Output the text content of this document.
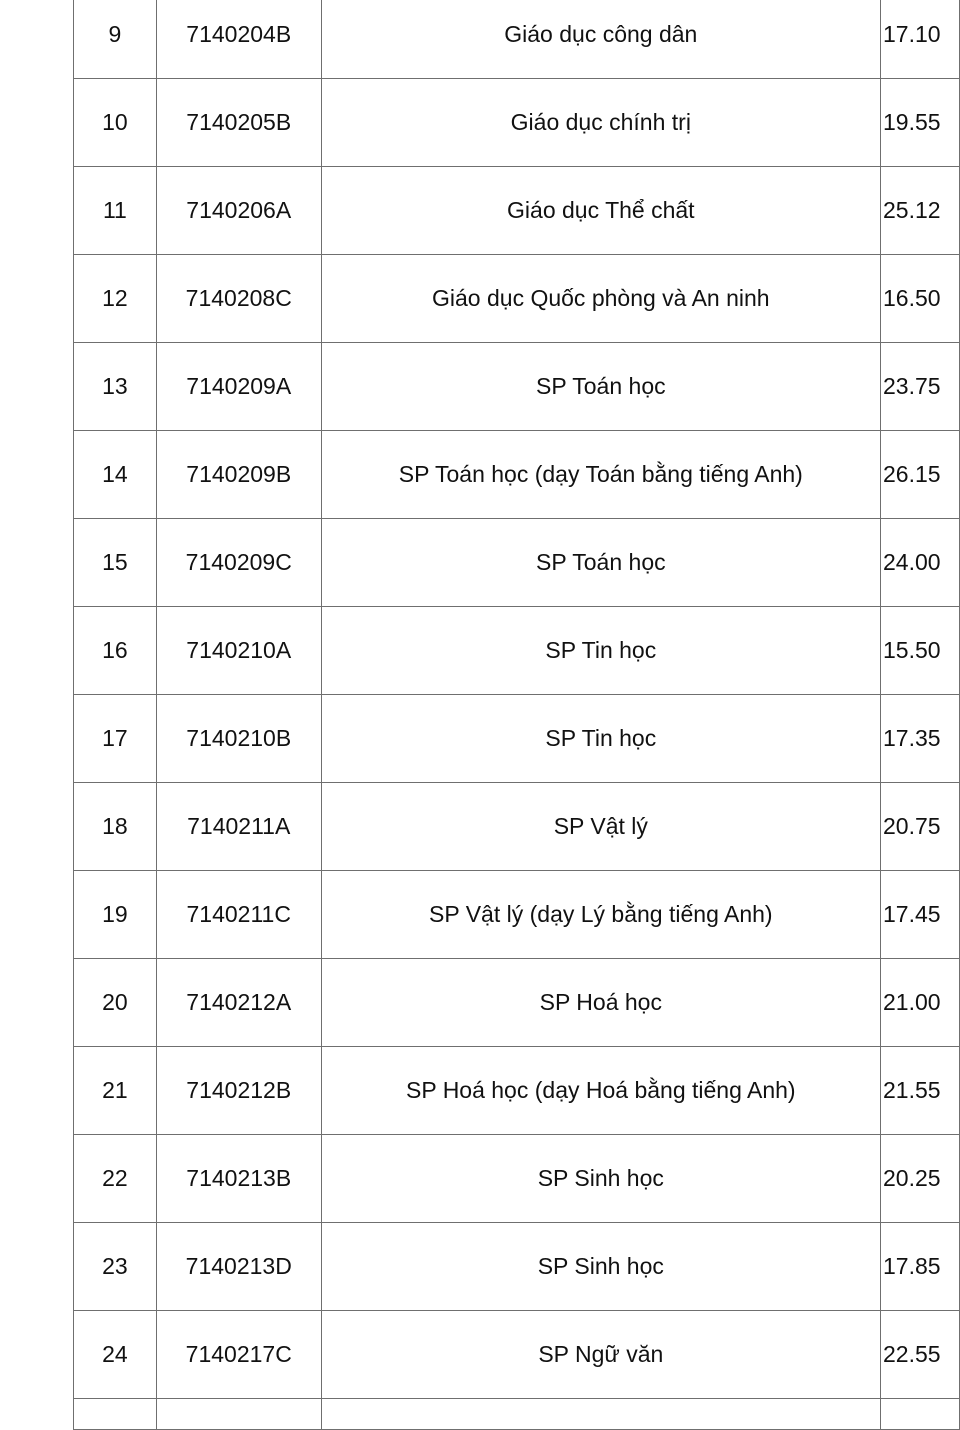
9	7140204B	Giáo dục công dân	17.10
10	7140205B	Giáo dục chính trị	19.55
11	7140206A	Giáo dục Thể chất	25.12
12	7140208C	Giáo dục Quốc phòng và An ninh	16.50
13	7140209A	SP Toán học	23.75
14	7140209B	SP Toán học (dạy Toán bằng tiếng Anh)	26.15
15	7140209C	SP Toán học	24.00
16	7140210A	SP Tin học	15.50
17	7140210B	SP Tin học	17.35
18	7140211A	SP Vật lý	20.75
19	7140211C	SP Vật lý (dạy Lý bằng tiếng Anh)	17.45
20	7140212A	SP Hoá học	21.00
21	7140212B	SP Hoá học (dạy Hoá bằng tiếng Anh)	21.55
22	7140213B	SP Sinh học	20.25
23	7140213D	SP Sinh học	17.85
24	7140217C	SP Ngữ văn	22.55
